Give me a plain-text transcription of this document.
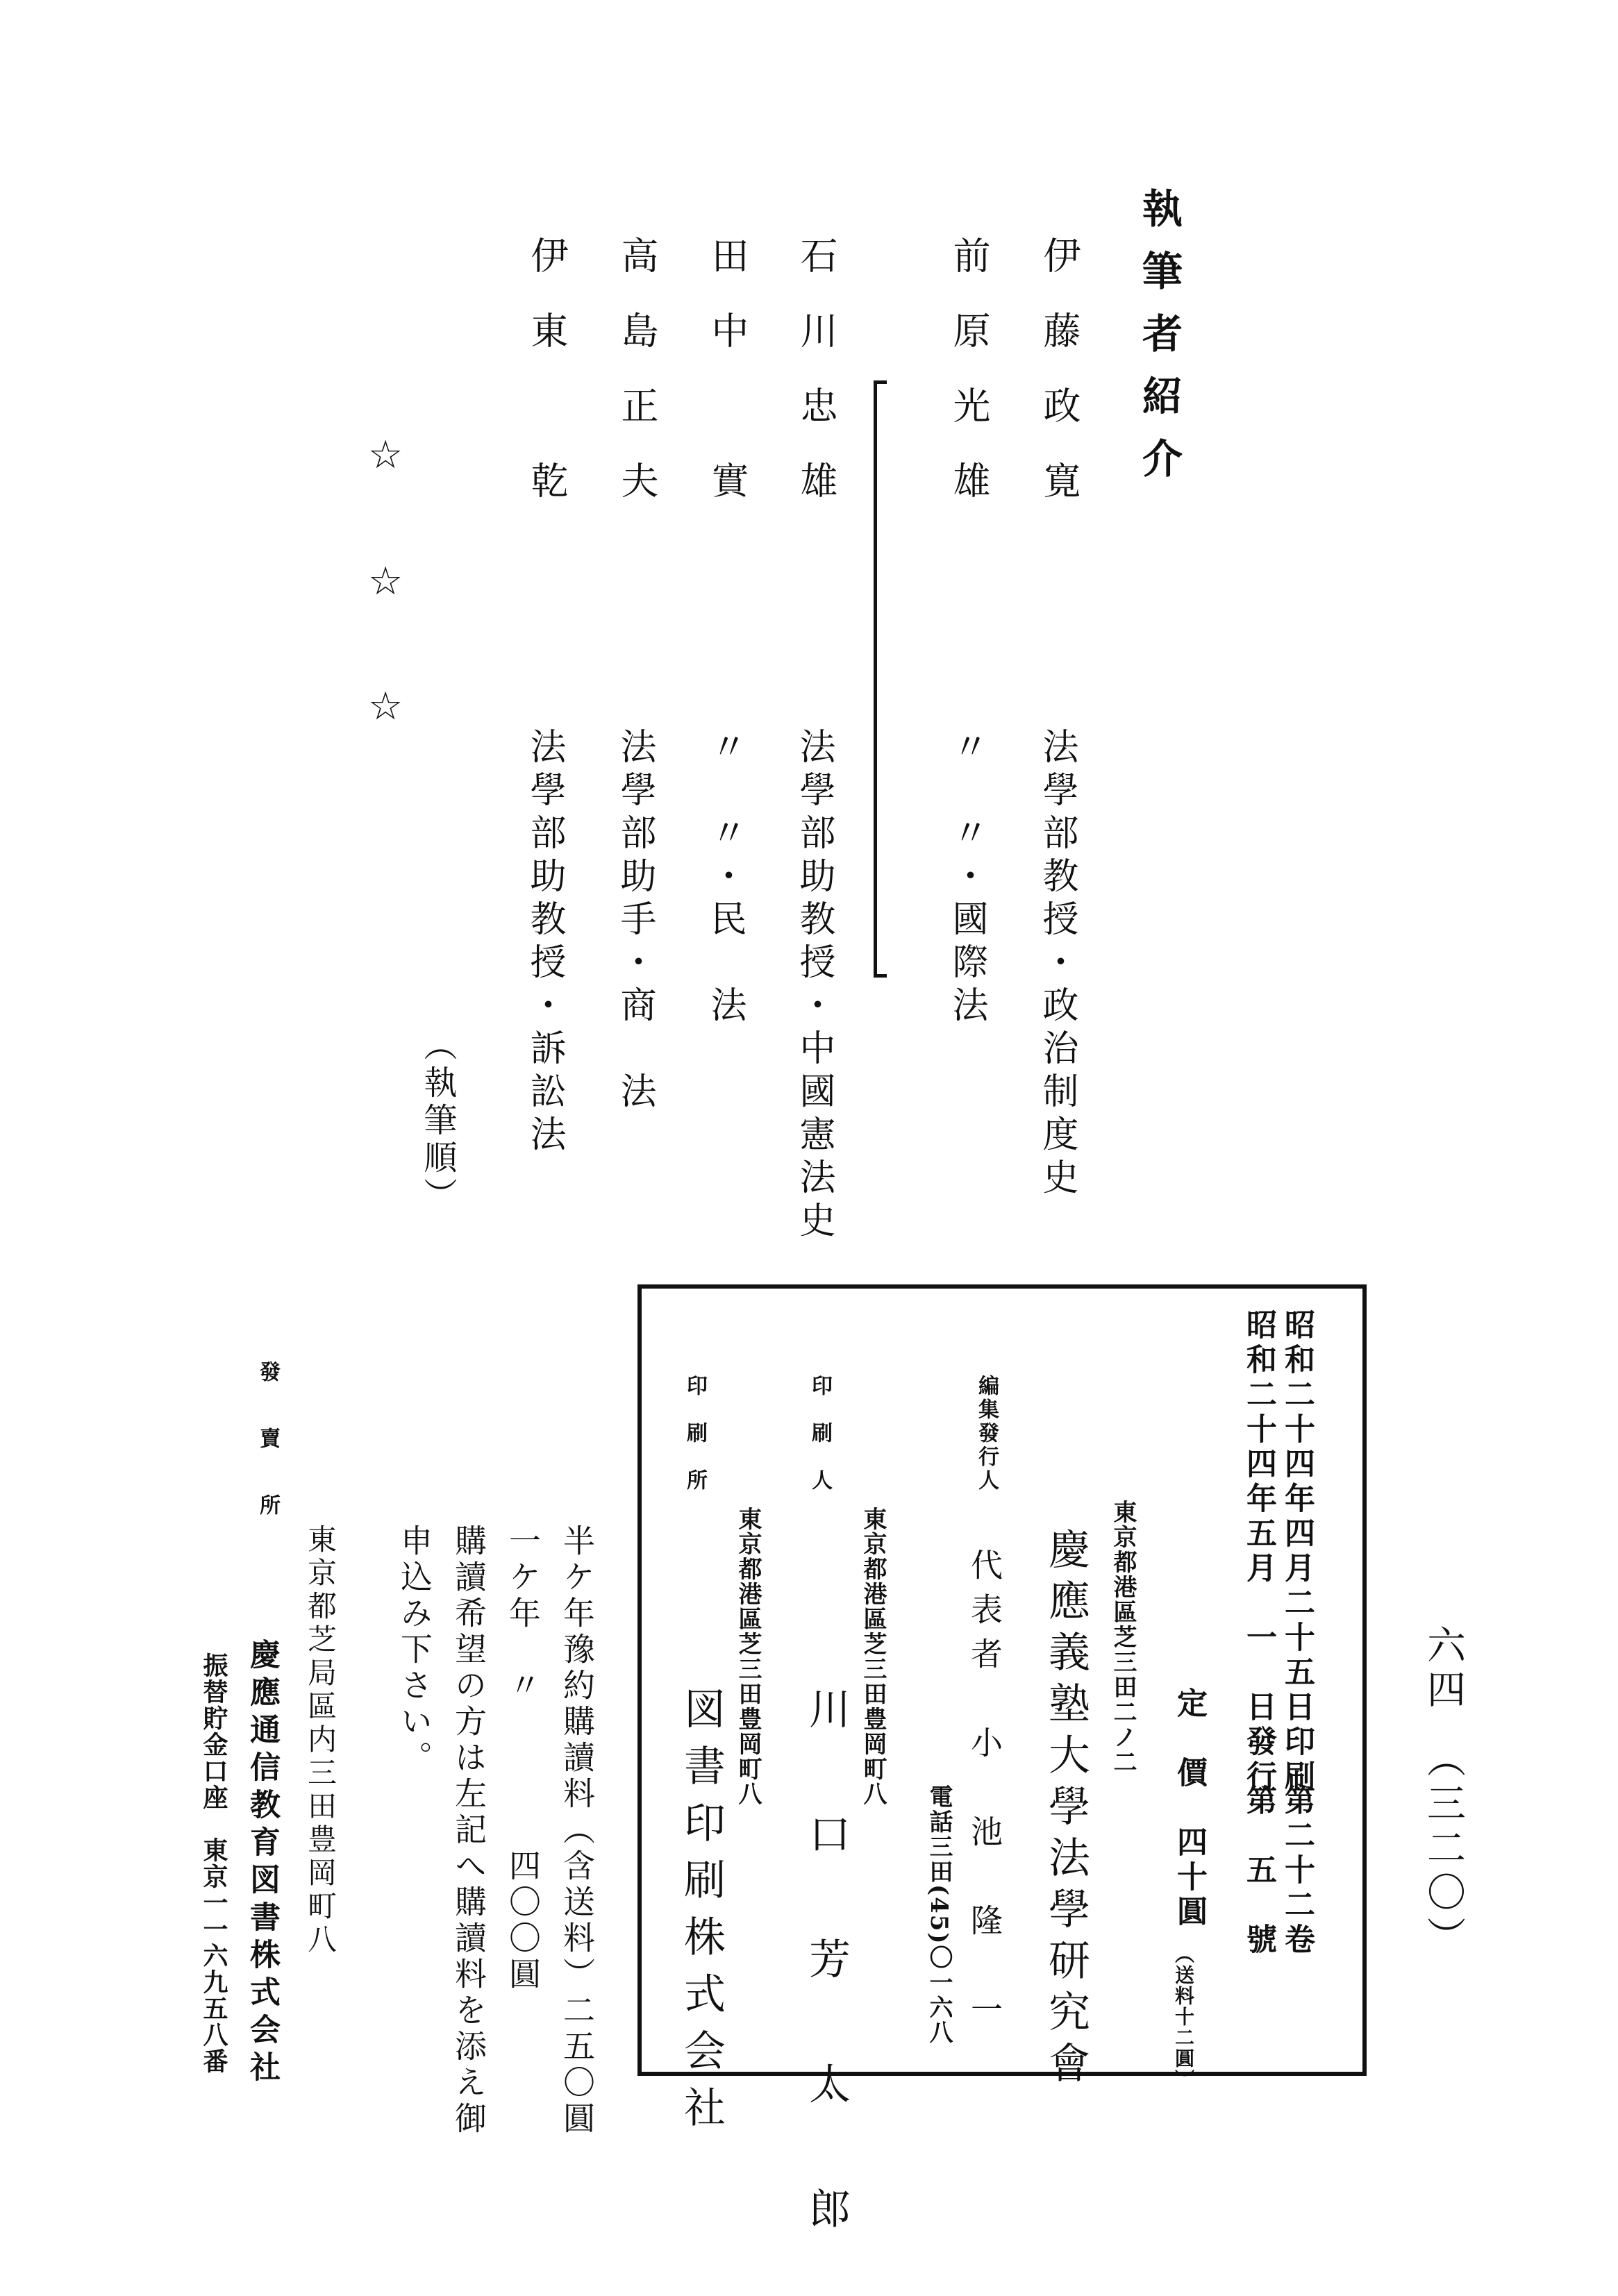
執筆者紹介
伊藤政寛
法學部教授・政治制度史
前原光雄
〃　〃・國際法
石川忠雄
法學部助教授・中國憲法史
田中　實
〃　〃・民　法
高島正夫
法學部助手・商　法
伊東　乾
法學部助教授・訴訟法
☆
☆
☆
（執筆順）
六四　（三二〇）
昭和二十四年四月二十五日印刷
昭和二十四年五月　一　日發行
第二十二卷
第　五　號
定　價　四十圓
（送料十二圓）
東京都港區芝三田二ノ二
慶應義塾大學法學研究會
編集發行人
代表者　小　池　隆　一
電話三田(45)〇一六八
印　刷　人
東京都港區芝三田豊岡町八
川　口　芳　太　郎
印　刷　所
東京都港區芝三田豊岡町八
図書印刷株式会社
半ケ年豫約購讀料（含送料）二五〇圓
一ケ年　〃　　　　四〇〇圓
購讀希望の方は左記へ購讀料を添え御
申込み下さい。
發　賣　所
東京都芝局區内三田豊岡町八
慶應通信教育図書株式会社
振替貯金口座　東京一一六九五八番
